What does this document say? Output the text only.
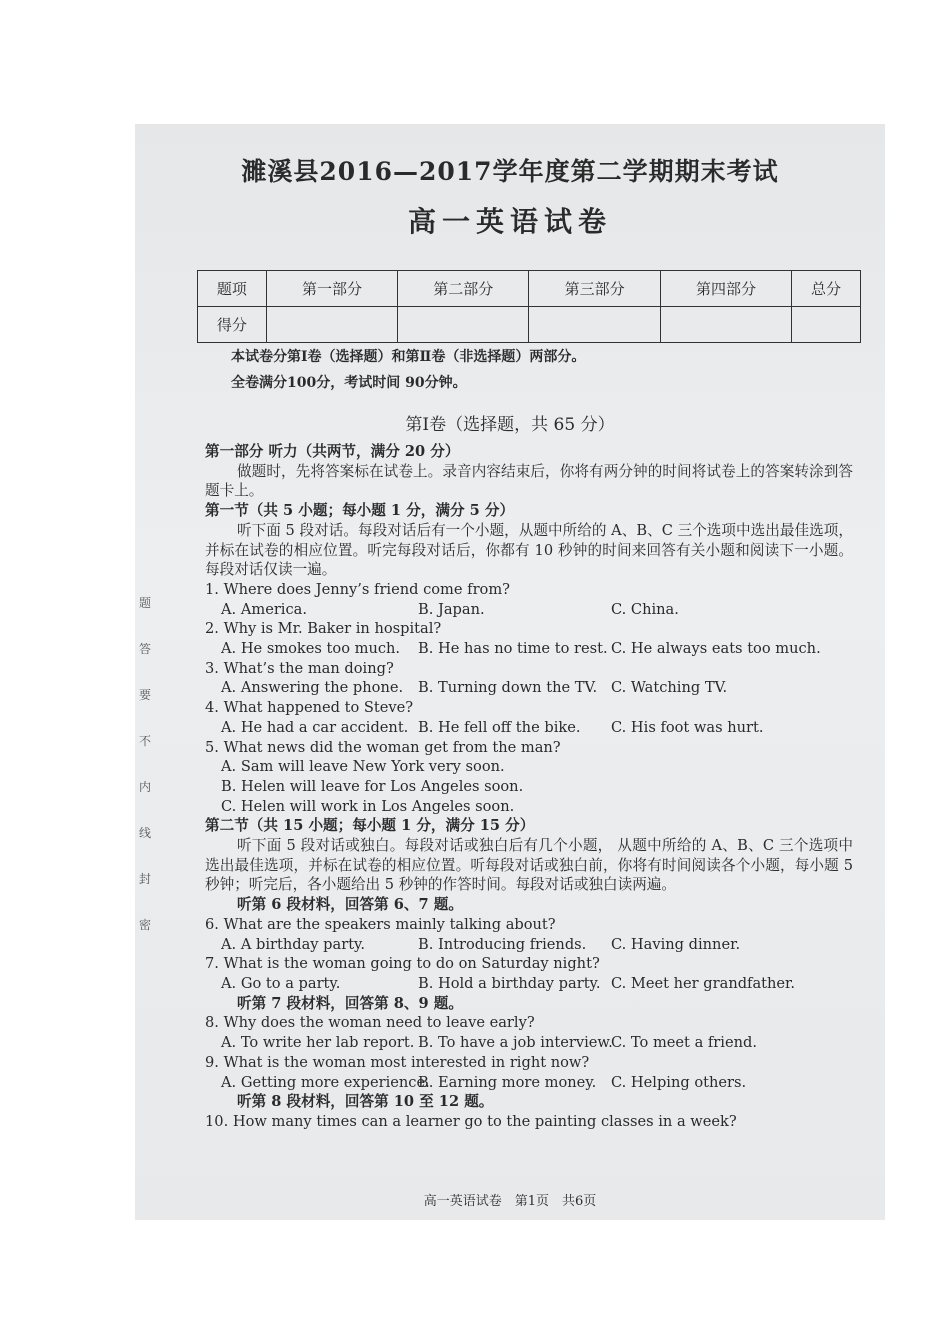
题
答
要
不
内
线
封
密
濉溪县2016—2017学年度第二学期期末考试
高一英语试卷
题项	第一部分	第二部分	第三部分	第四部分	总分
得分					
本试卷分第Ⅰ卷（选择题）和第Ⅱ卷（非选择题）两部分。
全卷满分100分，考试时间 90分钟。
第Ⅰ卷（选择题，共 65 分）
第一部分 听力（共两节，满分 20 分）
做题时，先将答案标在试卷上。录音内容结束后，你将有两分钟的时间将试卷上的答案转涂到答题卡上。
第一节（共 5 小题；每小题 1 分，满分 5 分）
听下面 5 段对话。每段对话后有一个小题，从题中所给的 A、B、C 三个选项中选出最佳选项，并标在试卷的相应位置。听完每段对话后，你都有 10 秒钟的时间来回答有关小题和阅读下一小题。每段对话仅读一遍。
1. Where does Jenny’s friend come from?
A. America.	B. Japan.	C. China.
2. Why is Mr. Baker in hospital?
A. He smokes too much.	B. He has no time to rest. C. He always eats too much.
3. What’s the man doing?
A. Answering the phone.	B. Turning down the TV. C. Watching TV.
4. What happened to Steve?
A. He had a car accident. B. He fell off the bike.	C. His foot was hurt.
5. What news did the woman get from the man?
A. Sam will leave New York very soon.
B. Helen will leave for Los Angeles soon.
C. Helen will work in Los Angeles soon.
第二节（共 15 小题；每小题 1 分，满分 15 分）
听下面 5 段对话或独白。每段对话或独白后有几个小题， 从题中所给的 A、B、C 三个选项中选出最佳选项，并标在试卷的相应位置。听每段对话或独白前，你将有时间阅读各个小题，每小题 5 秒钟；听完后，各小题给出 5 秒钟的作答时间。每段对话或独白读两遍。
听第 6 段材料，回答第 6、7 题。
6. What are the speakers mainly talking about?
A. A birthday party.	B. Introducing friends.	C. Having dinner.
7. What is the woman going to do on Saturday night?
A. Go to a party.	B. Hold a birthday party. C. Meet her grandfather.
听第 7 段材料，回答第 8、9 题。
8. Why does the woman need to leave early?
A. To write her lab report. B. To have a job interview.
C. To meet a friend.
9. What is the woman most interested in right now?
A. Getting more experience.
B. Earning more money.	C. Helping others.
听第 8 段材料，回答第 10 至 12 题。
10. How many times can a learner go to the painting classes in a week?
高一英语试卷　第1页　共6页
